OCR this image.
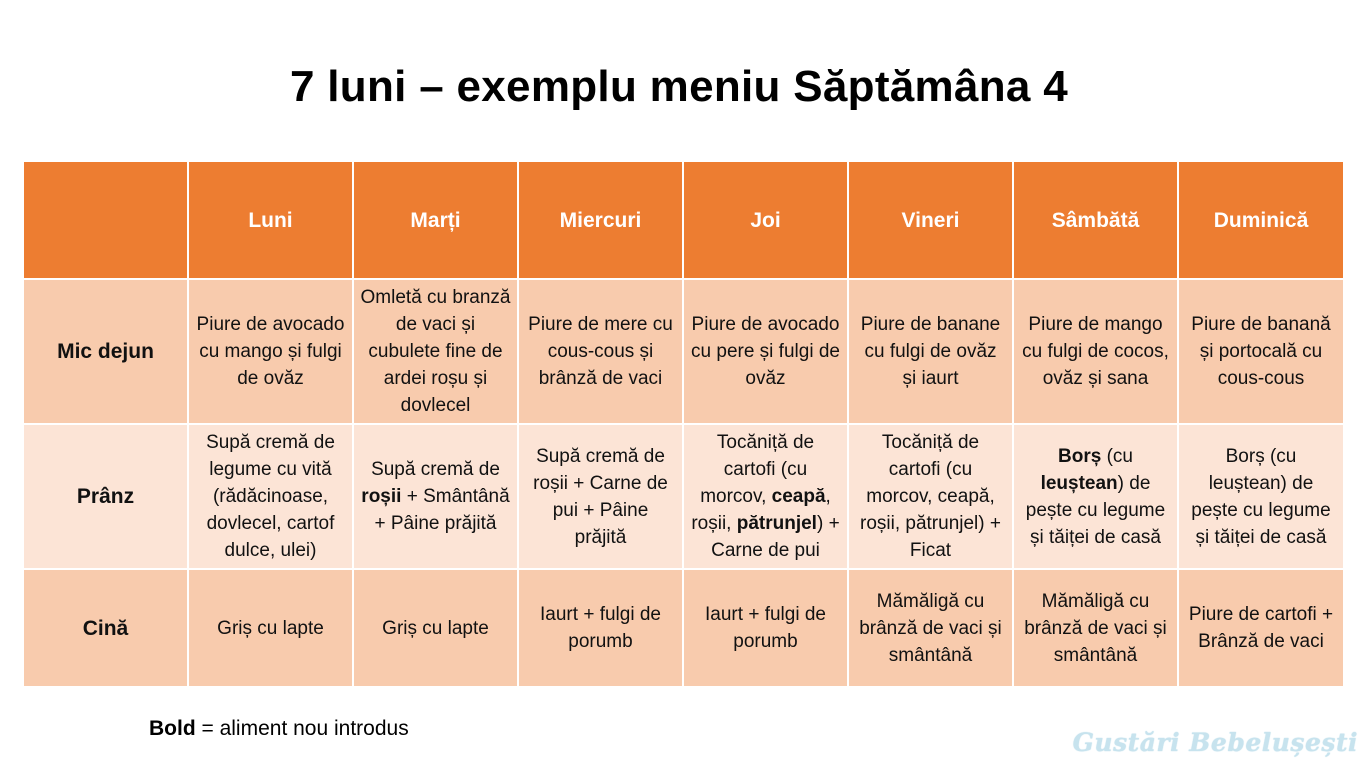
7 luni – exemplu meniu Săptămâna 4
	Luni	Marți	Miercuri	Joi	Vineri	Sâmbătă	Duminică
Mic dejun	Piure de avocado cu mango și fulgi de ovăz	Omletă cu branză de vaci și cubulete fine de ardei roșu și dovlecel	Piure de mere cu cous-cous și brânză de vaci	Piure de avocado cu pere și fulgi de ovăz	Piure de banane cu fulgi de ovăz și iaurt	Piure de mango cu fulgi de cocos, ovăz și sana	Piure de banană și portocală cu cous-cous
Prânz	Supă cremă de legume cu vită (rădăcinoase, dovlecel, cartof dulce, ulei)	Supă cremă de roșii + Smântână + Pâine prăjită	Supă cremă de roșii + Carne de pui + Pâine prăjită	Tocăniță de cartofi (cu morcov, ceapă, roșii, pătrunjel) + Carne de pui	Tocăniță de cartofi (cu morcov, ceapă, roșii, pătrunjel) + Ficat	Borș (cu leuștean) de pește cu legume și tăiței de casă	Borș (cu leuștean) de pește cu legume și tăiței de casă
Cină	Griș cu lapte	Griș cu lapte	Iaurt + fulgi de porumb	Iaurt + fulgi de porumb	Mămăligă cu brânză de vaci și smântână	Mămăligă cu brânză de vaci și smântână	Piure de cartofi + Brânză de vaci
Bold = aliment nou introdus	Gustări Bebelușești
